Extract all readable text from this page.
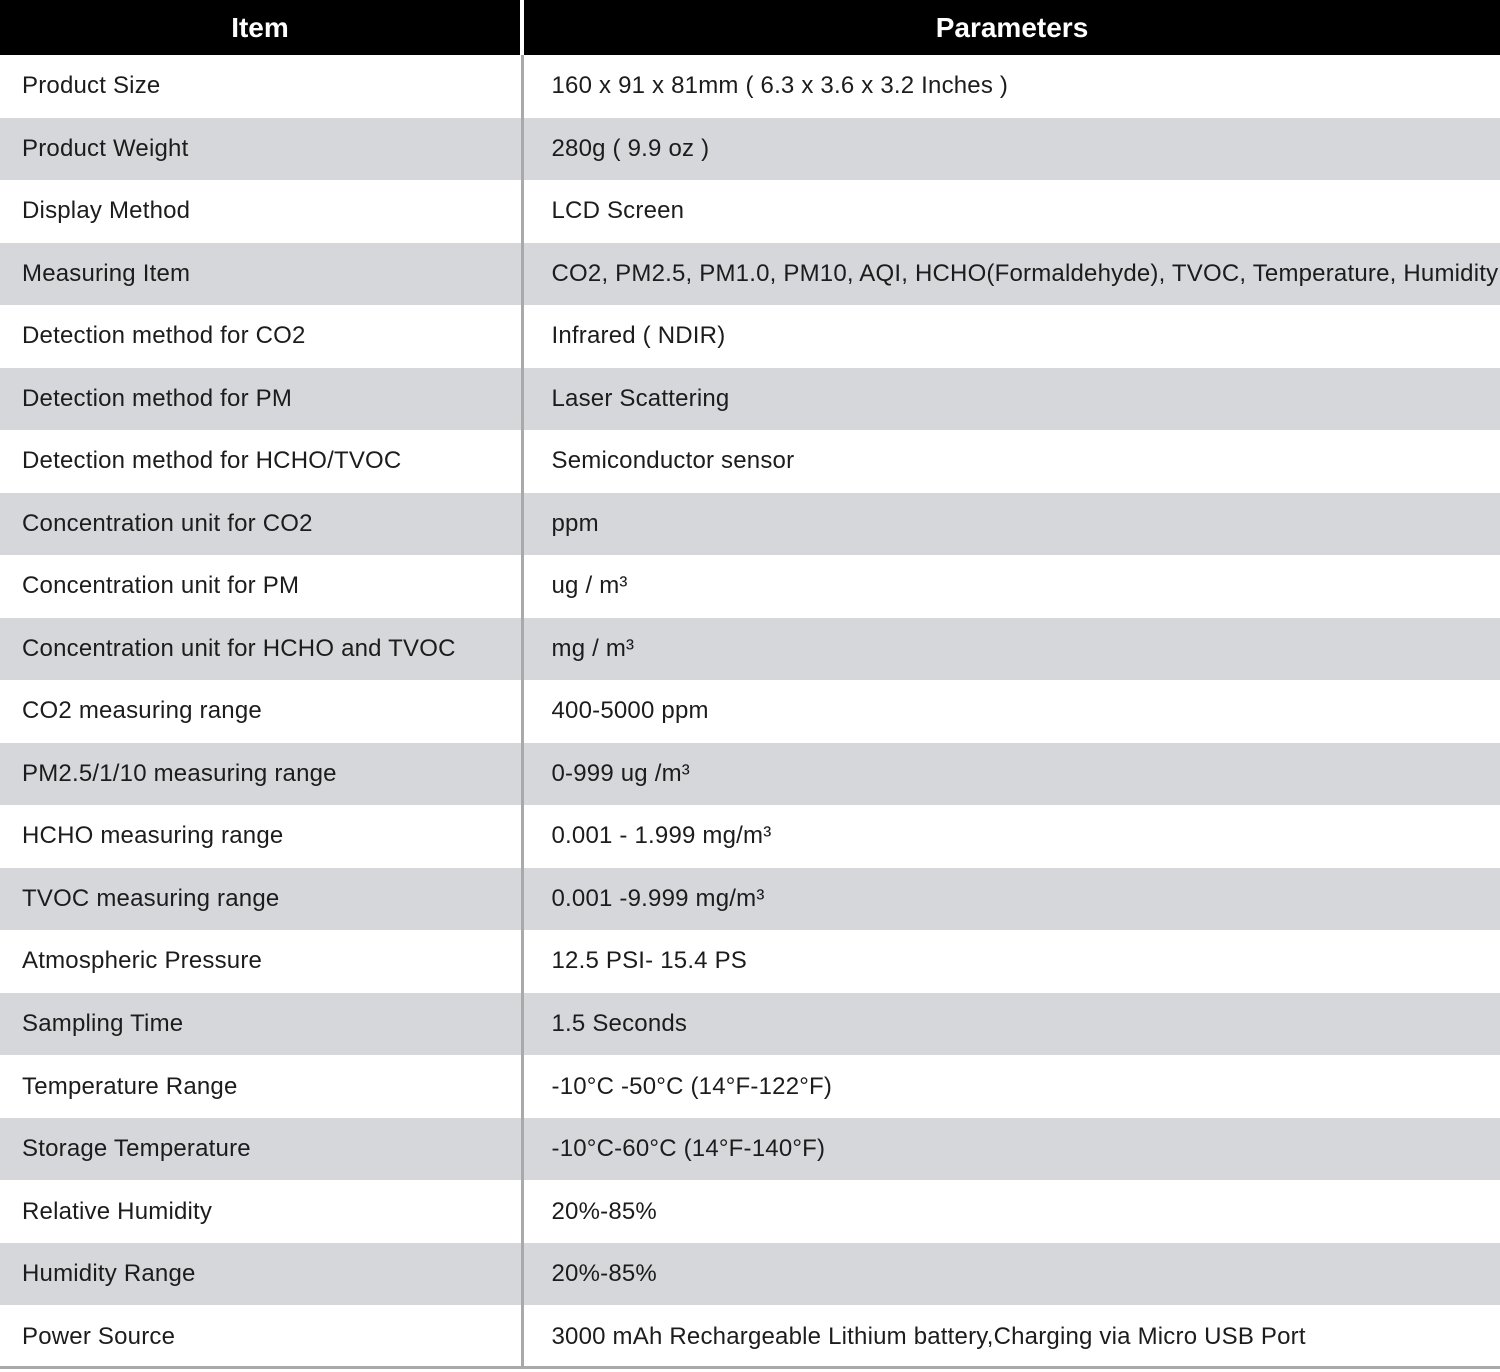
Item	Parameters
Product Size	160 x 91 x 81mm ( 6.3 x 3.6 x 3.2 Inches )
Product Weight	280g ( 9.9 oz )
Display Method	LCD Screen
Measuring Item	CO2, PM2.5, PM1.0, PM10, AQI, HCHO(Formaldehyde), TVOC, Temperature, Humidity
Detection method for CO2	Infrared ( NDIR)
Detection method for PM	Laser Scattering
Detection method for HCHO/TVOC	Semiconductor sensor
Concentration unit for CO2	ppm
Concentration unit for PM	ug / m³
Concentration unit for HCHO and TVOC	mg / m³
CO2 measuring range	400-5000 ppm
PM2.5/1/10 measuring range	0-999 ug /m³
HCHO measuring range	0.001 - 1.999 mg/m³
TVOC measuring range	0.001 -9.999 mg/m³
Atmospheric Pressure	12.5 PSI- 15.4 PS
Sampling Time	1.5 Seconds
Temperature Range	-10°C -50°C (14°F-122°F)
Storage Temperature	-10°C-60°C (14°F-140°F)
Relative Humidity	20%-85%
Humidity Range	20%-85%
Power Source	3000 mAh Rechargeable Lithium battery,Charging via Micro USB Port
